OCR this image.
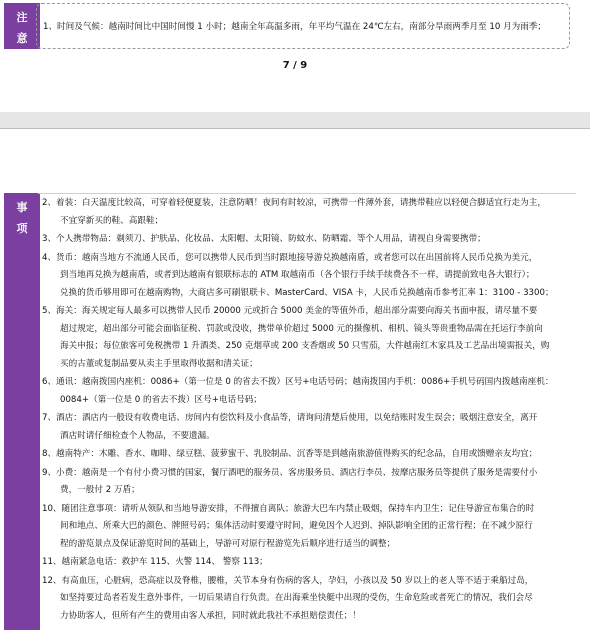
注
意
1、时间及气候：越南时间比中国时间慢 1 小时；越南全年高温多雨，年平均气温在 24℃左右，南部分旱雨两季月至 10 月为雨季；
7 / 9
事
项
2、着装：白天温度比较高，可穿着轻便夏装，注意防晒！夜间有时较凉，可携带一件薄外套，请携带鞋应以轻便合脚适宜行走为主，
不宜穿新买的鞋、高跟鞋；
3、个人携带物品：剃须刀、护肤品、化妆品、太阳帽、太阳镜、防蚊水、防晒霜、等个人用品，请视自身需要携带；
4、货币：越南当地方不流通人民币，您可以携带人民币到当时跟地接导游兑换越南盾，或者您可以在出国前将人民币兑换为美元，
到当地再兑换为越南盾，或者到达越南有银联标志的 ATM 取越南币（各个银行手续手续费各不一样，请提前致电各大银行）；
兑换的货币够用即可在越南购物，大商店多可刷银联卡、MasterCard、VISA 卡，人民币兑换越南币参考汇率 1：3100 - 3300；
5、海关：海关规定每人最多可以携带人民币 20000 元或折合 5000 美金的等值外币，超出部分需要向海关书面申报，请尽量不要
超过规定，超出部分可能会面临征税、罚款或没收，携带单价超过 5000 元的摄像机、相机、镜头等贵重物品需在托运行李前向
海关申报；每位旅客可免税携带 1 升酒类、250 克烟草或 200 支香烟或 50 只雪茄，大件越南红木家具及工艺品出境需报关，购
买的古董或复制品要从卖主手里取得收据和清关证；
6、通讯：越南拨国内座机：0086+（第一位是 0 的省去不拨）区号+电话号码；越南拨国内手机：0086+手机号码国内拨越南座机：
0084+（第一位是 0 的省去不拨）区号+电话号码；
7、酒店：酒店内一般设有收费电话、房间内有偿饮料及小食品等，请询问清楚后使用，以免结账时发生误会；吸烟注意安全，离开
酒店时请仔细检查个人物品，不要遗漏。
8、越南特产：木雕、香水、咖啡、绿豆糕、菠萝蜜干、乳胶制品、沉香等是到越南旅游值得购买的纪念品，自用或馈赠亲友均宜；
9、小费：越南是一个有付小费习惯的国家，餐厅酒吧的服务员、客房服务员、酒店行李员、按摩店服务员等提供了服务是需要付小
费，一般付 2 万盾；
10、随团注意事项：请听从领队和当地导游安排，不得擅自离队；旅游大巴车内禁止吸烟，保持车内卫生；记住导游宣布集合的时
间和地点、所乘大巴的颜色、牌照号码；集体活动时要遵守时间，避免因个人迟到、掉队影响全团的正常行程；在不减少原行
程的游览景点及保证游览时间的基础上，导游可对原行程游览先后顺序进行适当的调整；
11、越南紧急电话：救护车 115、火警 114、 警察 113；
12、有高血压，心脏病，恐高症以及脊椎，腰椎，关节本身有伤病的客人，孕妇，小孩以及 50 岁以上的老人等不适于乘船过岛，
如坚持要过岛者若发生意外事件，一切后果请自行负责。在出海乘坐快艇中出现的受伤，生命危险或者死亡的情况，我们会尽
力协助客人，但所有产生的费用由客人承担，同时就此我社不承担赔偿责任；！
